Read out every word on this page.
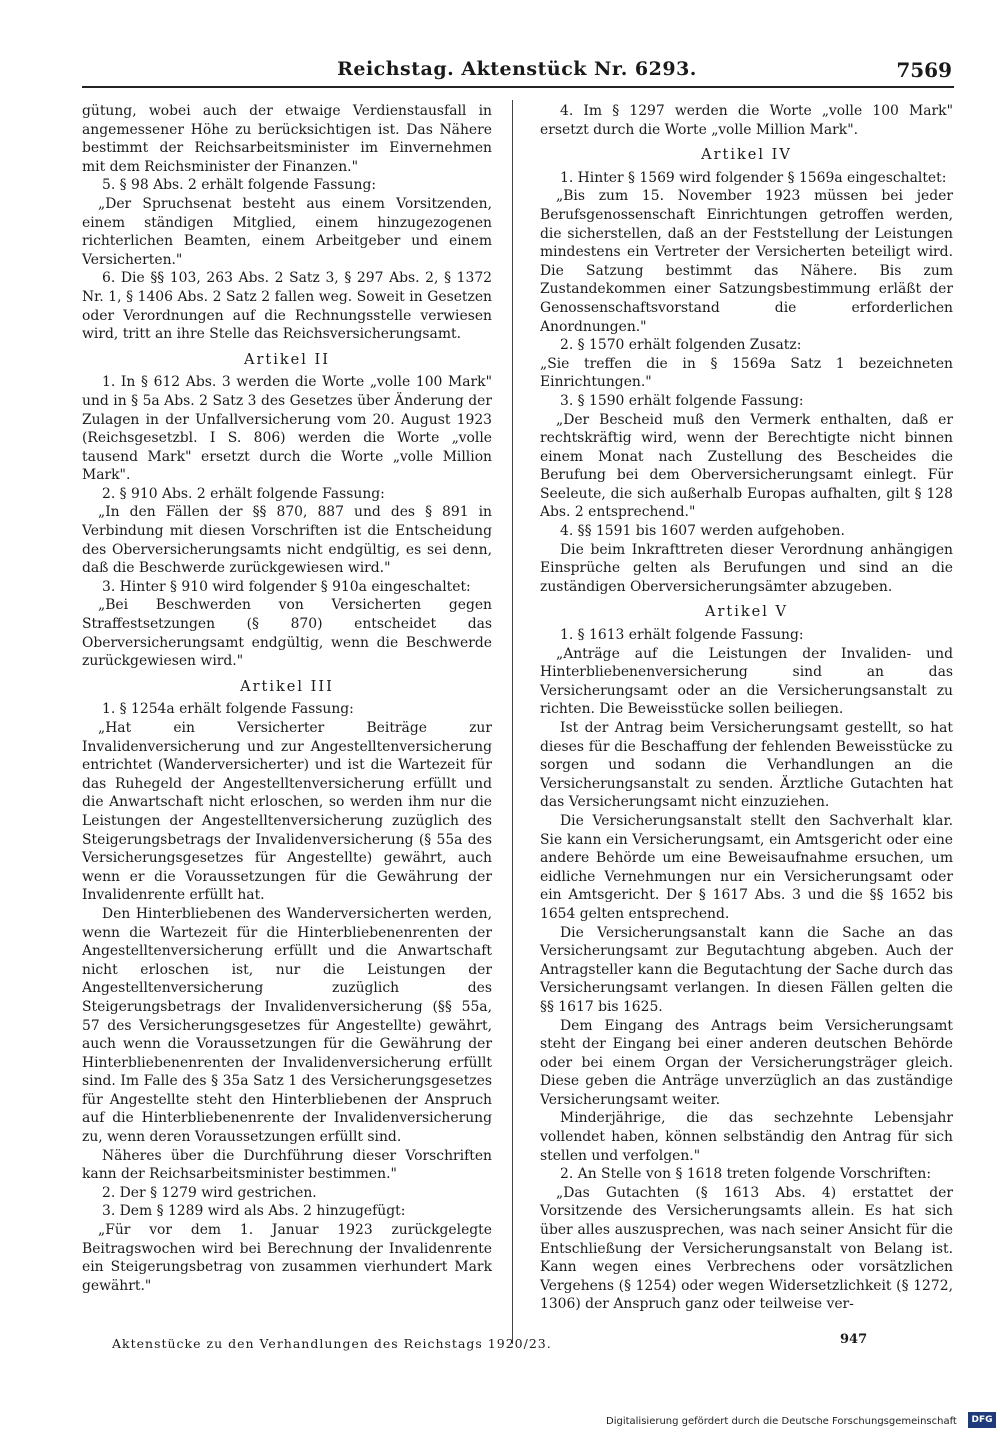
Reichstag. Aktenstück Nr. 6293.	7569

gütung, wobei auch der etwaige Verdienstausfall in angemessener Höhe zu berücksichtigen ist. Das Nähere bestimmt der Reichsarbeitsminister im Einvernehmen mit dem Reichsminister der Finanzen."

5. § 98 Abs. 2 erhält folgende Fassung:

„Der Spruchsenat besteht aus einem Vorsitzenden, einem ständigen Mitglied, einem hinzugezogenen richterlichen Beamten, einem Arbeitgeber und einem Versicherten."

6. Die §§ 103, 263 Abs. 2 Satz 3, § 297 Abs. 2, § 1372 Nr. 1, § 1406 Abs. 2 Satz 2 fallen weg. Soweit in Gesetzen oder Verordnungen auf die Rechnungsstelle verwiesen wird, tritt an ihre Stelle das Reichsversicherungsamt.

Artikel II

1. In § 612 Abs. 3 werden die Worte „volle 100 Mark" und in § 5a Abs. 2 Satz 3 des Gesetzes über Änderung der Zulagen in der Unfallversicherung vom 20. August 1923 (Reichsgesetzbl. I S. 806) werden die Worte „volle tausend Mark" ersetzt durch die Worte „volle Million Mark".

2. § 910 Abs. 2 erhält folgende Fassung:

„In den Fällen der §§ 870, 887 und des § 891 in Verbindung mit diesen Vorschriften ist die Entscheidung des Oberversicherungsamts nicht endgültig, es sei denn, daß die Beschwerde zurückgewiesen wird."

3. Hinter § 910 wird folgender § 910a eingeschaltet:

„Bei Beschwerden von Versicherten gegen Straffestsetzungen (§ 870) entscheidet das Oberversicherungsamt endgültig, wenn die Beschwerde zurückgewiesen wird."

Artikel III

1. § 1254a erhält folgende Fassung:

„Hat ein Versicherter Beiträge zur Invalidenversicherung und zur Angestelltenversicherung entrichtet (Wanderversicherter) und ist die Wartezeit für das Ruhegeld der Angestelltenversicherung erfüllt und die Anwartschaft nicht erloschen, so werden ihm nur die Leistungen der Angestelltenversicherung zuzüglich des Steigerungsbetrags der Invalidenversicherung (§ 55a des Versicherungsgesetzes für Angestellte) gewährt, auch wenn er die Voraussetzungen für die Gewährung der Invalidenrente erfüllt hat.

Den Hinterbliebenen des Wanderversicherten werden, wenn die Wartezeit für die Hinterbliebenenrenten der Angestelltenversicherung erfüllt und die Anwartschaft nicht erloschen ist, nur die Leistungen der Angestelltenversicherung zuzüglich des Steigerungsbetrags der Invalidenversicherung (§§ 55a, 57 des Versicherungsgesetzes für Angestellte) gewährt, auch wenn die Voraussetzungen für die Gewährung der Hinterbliebenenrenten der Invalidenversicherung erfüllt sind. Im Falle des § 35a Satz 1 des Versicherungsgesetzes für Angestellte steht den Hinterbliebenen der Anspruch auf die Hinterbliebenenrente der Invalidenversicherung zu, wenn deren Voraussetzungen erfüllt sind.

Näheres über die Durchführung dieser Vorschriften kann der Reichsarbeitsminister bestimmen."

2. Der § 1279 wird gestrichen.

3. Dem § 1289 wird als Abs. 2 hinzugefügt:

„Für vor dem 1. Januar 1923 zurückgelegte Beitragswochen wird bei Berechnung der Invalidenrente ein Steigerungsbetrag von zusammen vierhundert Mark gewährt."

4. Im § 1297 werden die Worte „volle 100 Mark" ersetzt durch die Worte „volle Million Mark".

Artikel IV

1. Hinter § 1569 wird folgender § 1569a eingeschaltet:

„Bis zum 15. November 1923 müssen bei jeder Berufsgenossenschaft Einrichtungen getroffen werden, die sicherstellen, daß an der Feststellung der Leistungen mindestens ein Vertreter der Versicherten beteiligt wird. Die Satzung bestimmt das Nähere. Bis zum Zustandekommen einer Satzungsbestimmung erläßt der Genossenschaftsvorstand die erforderlichen Anordnungen."

2. § 1570 erhält folgenden Zusatz:

„Sie treffen die in § 1569a Satz 1 bezeichneten Einrichtungen."

3. § 1590 erhält folgende Fassung:

„Der Bescheid muß den Vermerk enthalten, daß er rechtskräftig wird, wenn der Berechtigte nicht binnen einem Monat nach Zustellung des Bescheides die Berufung bei dem Oberversicherungsamt einlegt. Für Seeleute, die sich außerhalb Europas aufhalten, gilt § 128 Abs. 2 entsprechend."

4. §§ 1591 bis 1607 werden aufgehoben.

Die beim Inkrafttreten dieser Verordnung anhängigen Einsprüche gelten als Berufungen und sind an die zuständigen Oberversicherungsämter abzugeben.

Artikel V

1. § 1613 erhält folgende Fassung:

„Anträge auf die Leistungen der Invaliden- und Hinterbliebenenversicherung sind an das Versicherungsamt oder an die Versicherungsanstalt zu richten. Die Beweisstücke sollen beiliegen.

Ist der Antrag beim Versicherungsamt gestellt, so hat dieses für die Beschaffung der fehlenden Beweisstücke zu sorgen und sodann die Verhandlungen an die Versicherungsanstalt zu senden. Ärztliche Gutachten hat das Versicherungsamt nicht einzuziehen.

Die Versicherungsanstalt stellt den Sachverhalt klar. Sie kann ein Versicherungsamt, ein Amtsgericht oder eine andere Behörde um eine Beweisaufnahme ersuchen, um eidliche Vernehmungen nur ein Versicherungsamt oder ein Amtsgericht. Der § 1617 Abs. 3 und die §§ 1652 bis 1654 gelten entsprechend.

Die Versicherungsanstalt kann die Sache an das Versicherungsamt zur Begutachtung abgeben. Auch der Antragsteller kann die Begutachtung der Sache durch das Versicherungsamt verlangen. In diesen Fällen gelten die §§ 1617 bis 1625.

Dem Eingang des Antrags beim Versicherungsamt steht der Eingang bei einer anderen deutschen Behörde oder bei einem Organ der Versicherungsträger gleich. Diese geben die Anträge unverzüglich an das zuständige Versicherungsamt weiter.

Minderjährige, die das sechzehnte Lebensjahr vollendet haben, können selbständig den Antrag für sich stellen und verfolgen."

2. An Stelle von § 1618 treten folgende Vorschriften:

„Das Gutachten (§ 1613 Abs. 4) erstattet der Vorsitzende des Versicherungsamts allein. Es hat sich über alles auszusprechen, was nach seiner Ansicht für die Entschließung der Versicherungsanstalt von Belang ist. Kann wegen eines Verbrechens oder vorsätzlichen Vergehens (§ 1254) oder wegen Widersetzlichkeit (§ 1272, 1306) der Anspruch ganz oder teilweise ver-

Aktenstücke zu den Verhandlungen des Reichstags 1920/23.	947
Digitalisierung gefördert durch die Deutsche Forschungsgemeinschaft	DFG
